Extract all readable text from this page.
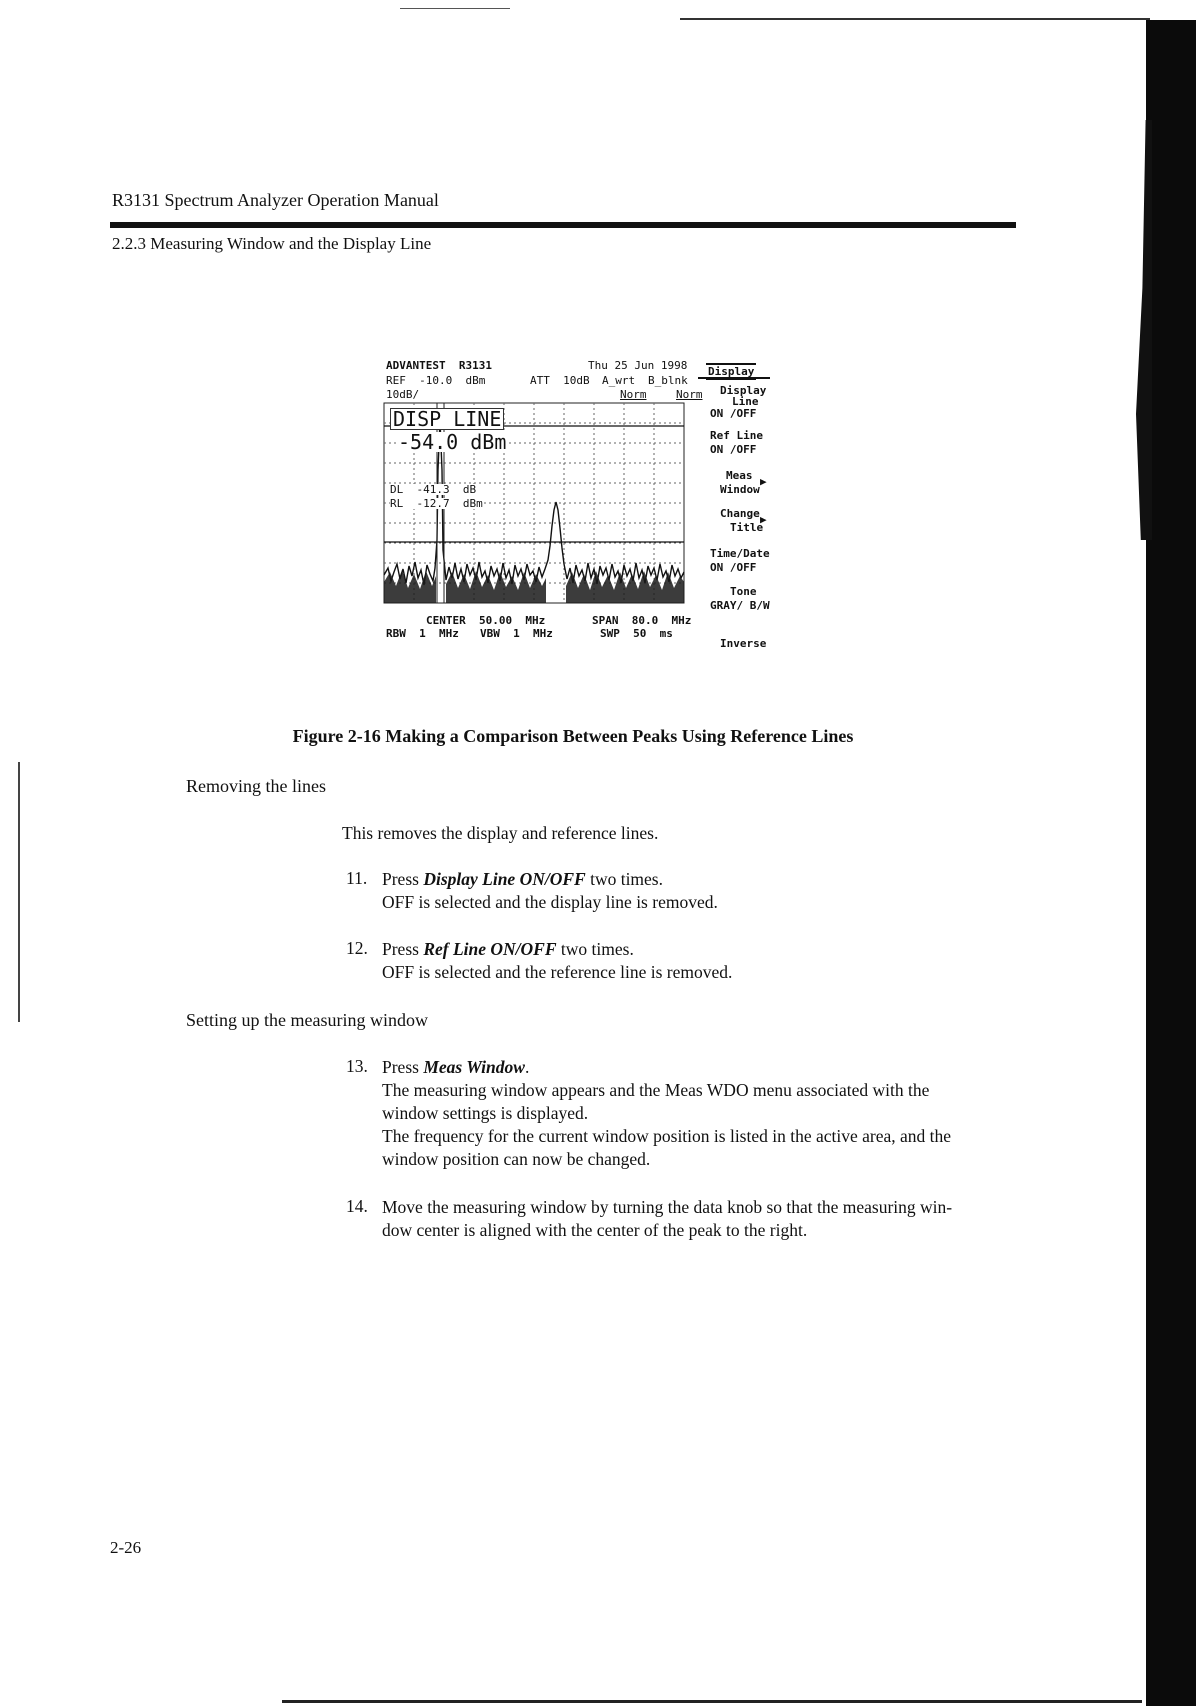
R3131 Spectrum Analyzer Operation Manual
2.2.3 Measuring Window and the Display Line
ADVANTEST  R3131	Thu 25 Jun 1998
REF  -10.0  dBm	ATT  10dB A_wrt B_blnk
10dB/	Norm	Norm
DISP LINE
-54.0 dBm
DL  -41.3  dB
RL  -12.7  dBm
CENTER  50.00  MHz	SPAN  80.0  MHz
RBW  1  MHz VBW  1  MHz	SWP  50  ms
Display
Display
Line
ON /OFF
Ref Line
ON /OFF
Meas ▶
Window
Change ▶
Title
Time/Date
ON /OFF
Tone
GRAY/ B/W
Inverse
Figure 2-16 Making a Comparison Between Peaks Using Reference Lines
Removing the lines
This removes the display and reference lines.
11. Press Display Line ON/OFF two times.
OFF is selected and the display line is removed.
12. Press Ref Line ON/OFF two times.
OFF is selected and the reference line is removed.
Setting up the measuring window
13. Press Meas Window.
The measuring window appears and the Meas WDO menu associated with the
window settings is displayed.
The frequency for the current window position is listed in the active area, and the
window position can now be changed.
14. Move the measuring window by turning the data knob so that the measuring win-
dow center is aligned with the center of the peak to the right.
2-26
